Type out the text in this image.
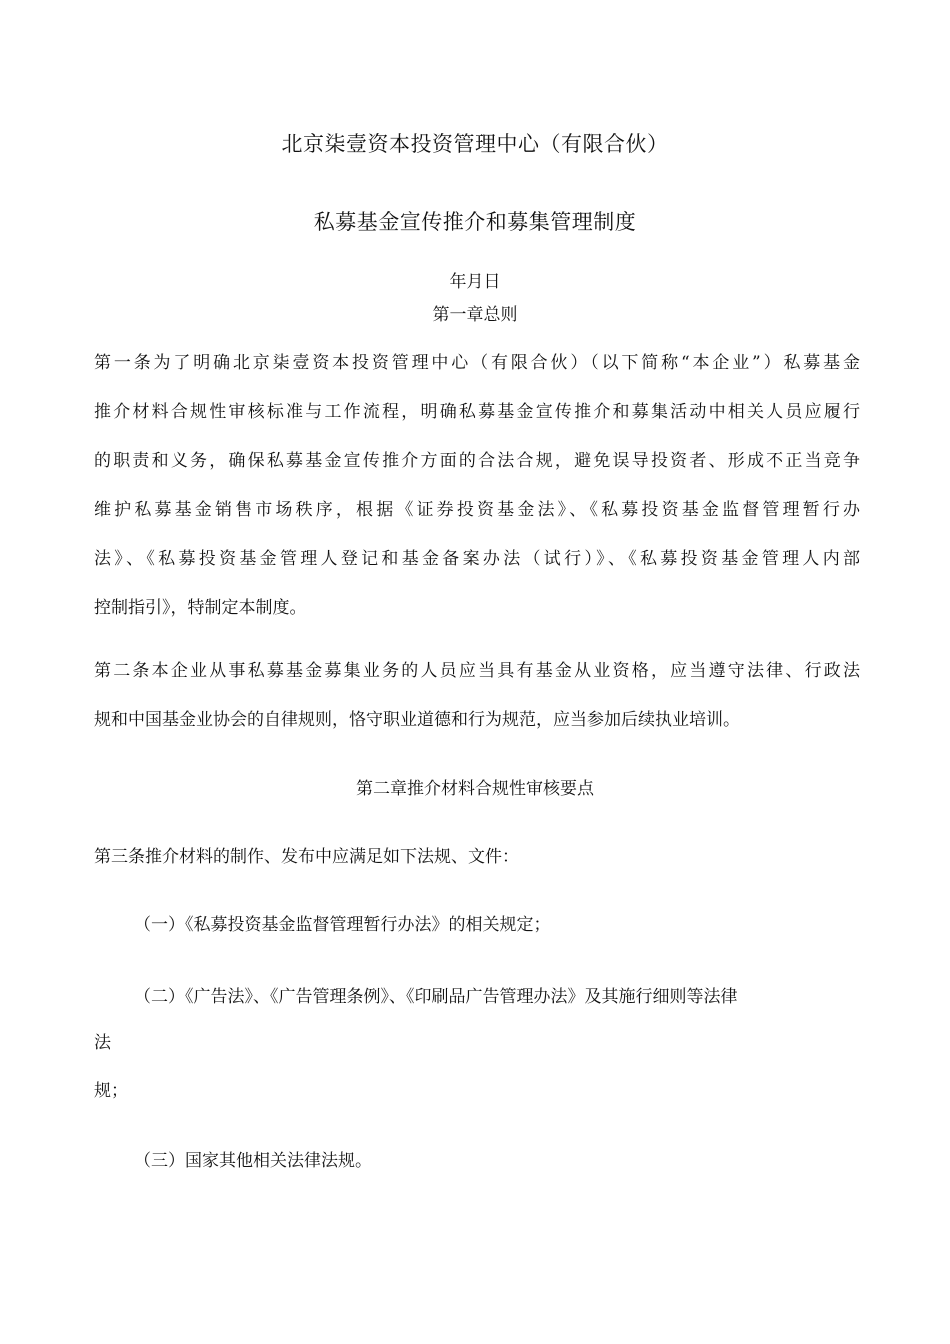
北京柒壹资本投资管理中心（有限合伙）
私募基金宣传推介和募集管理制度
年月日
第一章总则
第一条为了明确北京柒壹资本投资管理中心（有限合伙）（以下简称“本企业”）私募基金
推介材料合规性审核标准与工作流程，明确私募基金宣传推介和募集活动中相关人员应履行
的职责和义务，确保私募基金宣传推介方面的合法合规，避免误导投资者、形成不正当竞争
维护私募基金销售市场秩序，根据《证券投资基金法》、《私募投资基金监督管理暂行办
法》、《私募投资基金管理人登记和基金备案办法（试行）》、《私募投资基金管理人内部
控制指引》，特制定本制度。
第二条本企业从事私募基金募集业务的人员应当具有基金从业资格，应当遵守法律、行政法
规和中国基金业协会的自律规则，恪守职业道德和行为规范，应当参加后续执业培训。
第二章推介材料合规性审核要点
第三条推介材料的制作、发布中应满足如下法规、文件：
（一）《私募投资基金监督管理暂行办法》的相关规定；
（二）《广告法》、《广告管理条例》、《印刷品广告管理办法》及其施行细则等法律
法
规；
（三）国家其他相关法律法规。
